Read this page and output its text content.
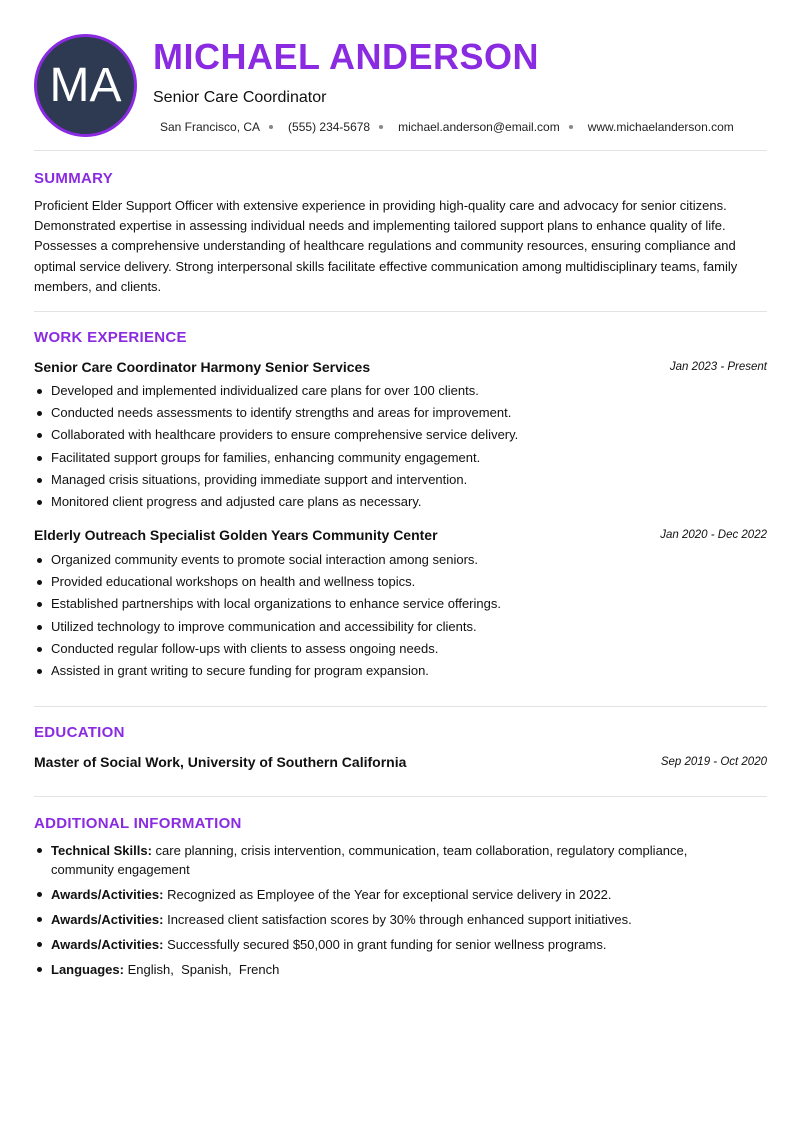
MA
MICHAEL ANDERSON
Senior Care Coordinator
San Francisco, CA (555) 234-5678 michael.anderson@email.com www.michaelanderson.com
SUMMARY
Proficient Elder Support Officer with extensive experience in providing high-quality care and advocacy for senior citizens. Demonstrated expertise in assessing individual needs and implementing tailored support plans to enhance quality of life. Possesses a comprehensive understanding of healthcare regulations and community resources, ensuring compliance and optimal service delivery. Strong interpersonal skills facilitate effective communication among multidisciplinary teams, family members, and clients.
WORK EXPERIENCE
Senior Care Coordinator Harmony Senior Services	Jan 2023 - Present
Developed and implemented individualized care plans for over 100 clients.
Conducted needs assessments to identify strengths and areas for improvement.
Collaborated with healthcare providers to ensure comprehensive service delivery.
Facilitated support groups for families, enhancing community engagement.
Managed crisis situations, providing immediate support and intervention.
Monitored client progress and adjusted care plans as necessary.
Elderly Outreach Specialist Golden Years Community Center	Jan 2020 - Dec 2022
Organized community events to promote social interaction among seniors.
Provided educational workshops on health and wellness topics.
Established partnerships with local organizations to enhance service offerings.
Utilized technology to improve communication and accessibility for clients.
Conducted regular follow-ups with clients to assess ongoing needs.
Assisted in grant writing to secure funding for program expansion.
EDUCATION
Master of Social Work, University of Southern California	Sep 2019 - Oct 2020
ADDITIONAL INFORMATION
Technical Skills: care planning, crisis intervention, communication, team collaboration, regulatory compliance, community engagement
Awards/Activities: Recognized as Employee of the Year for exceptional service delivery in 2022.
Awards/Activities: Increased client satisfaction scores by 30% through enhanced support initiatives.
Awards/Activities: Successfully secured $50,000 in grant funding for senior wellness programs.
Languages: English,  Spanish,  French
